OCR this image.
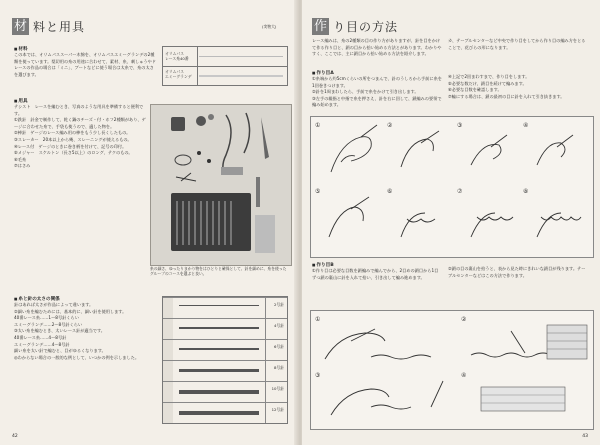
材 料と用具	(実物大)
■ 材料
この本では、オリムパススーパー木綿を、オリムパスエミーグランデの2種類を使っています。梨切用の糸の用途に合わせて、素材、糸、刺しゅうやドレースの作品の場合は「ミニ」、ブートなどに使う場合は太糸で、糸の太さを選びます。
オリムパス
レース糸40番
オリムパス
エミーグランデ
■ 用具
テシスト　レースを編むとき、写真のような用具を準備すると便利です。
①鉄針　針金で制作して、乾く鍋のチーズ・付・ホフ2種類があり、ゲージに合わせた糸で、手袋も使うので、適した物を。
②棒針　ゲージのレース編み用の棒をもう少し長くしたもの。
③スレーカー　20本以上から幾、スレーニングが使えるもの。
④レース付　ゲージのときに巻き柄を付けて、記号の印付。
⑤メジャー　スケルトン（長さ5以上）のロング、テクのもの。
⑥毛糸
⑦はさみ
糸の細さ、ゆったりまかり物をはひとりと確保として、針を細めに、糸を使ったグループのコースを選ぶと良い。
■ 糸と針の太さの関係
針はあれば太さが作品によって違います。
②細い糸を編むためには、基本的に、細い針を使用します。
40番レース糸……1〜8号針くらい
エミーグランデ……2〜8号針くらい
③太い糸を編むとき、太いレース針が適当です。
40番レース糸……4〜8号針
エミーグランデ……4〜8号針
細い糸を太い針で編むと、目がゆるくなります。
◎わからない場合の一般的な例として、いつかの例を示しました。
2号針
4号針
6号針
8号針
10号針
12号針
42
作 り目の方法
レース編みは、糸の2種類の目の作り方がありますが、針を目をかけて作る作り目と、鎖の目から拾い始める方法とがあります。わかりやすく、ここでは、主に鎖目から拾い始める方法を紹介します。
カ、テーブルセンターなど中央で作り目をしてから作り目の編み方をとることで、花びらの形になります。
■ 作り目A
①糸端から約5cmくらいの所をつまんで、針のうしろから手前に糸を1回巻きつけます。
②針を1周まわしたら、手前で糸をかけて引き出します。
③左手の親指と中指で糸を押さえ、針を右に回して、鎖編みの要領で編み始めます。
④上記で2回まわすまで、作り目をします。
⑤必要な数だけ、鎖目を続けて編みます。
⑥必要な目数を確認します。
⑦輪にする場合は、鎖の最初の目に針を入れて引き抜きます。
①	②	③	④
⑤	⑥	⑦	⑧
■ 作り目B
①作り目は必要な目数を鎖編みで編んでから、2目めの鎖目から1目ずつ鎖の裏山に針を入れて拾い、引き出して編み進めます。
②鎖の目の裏山を拾うと、表から見た時にきれいな鎖目が残ります。テーブルセンターなどはこの方法で作ります。
①	②
③	④
43
